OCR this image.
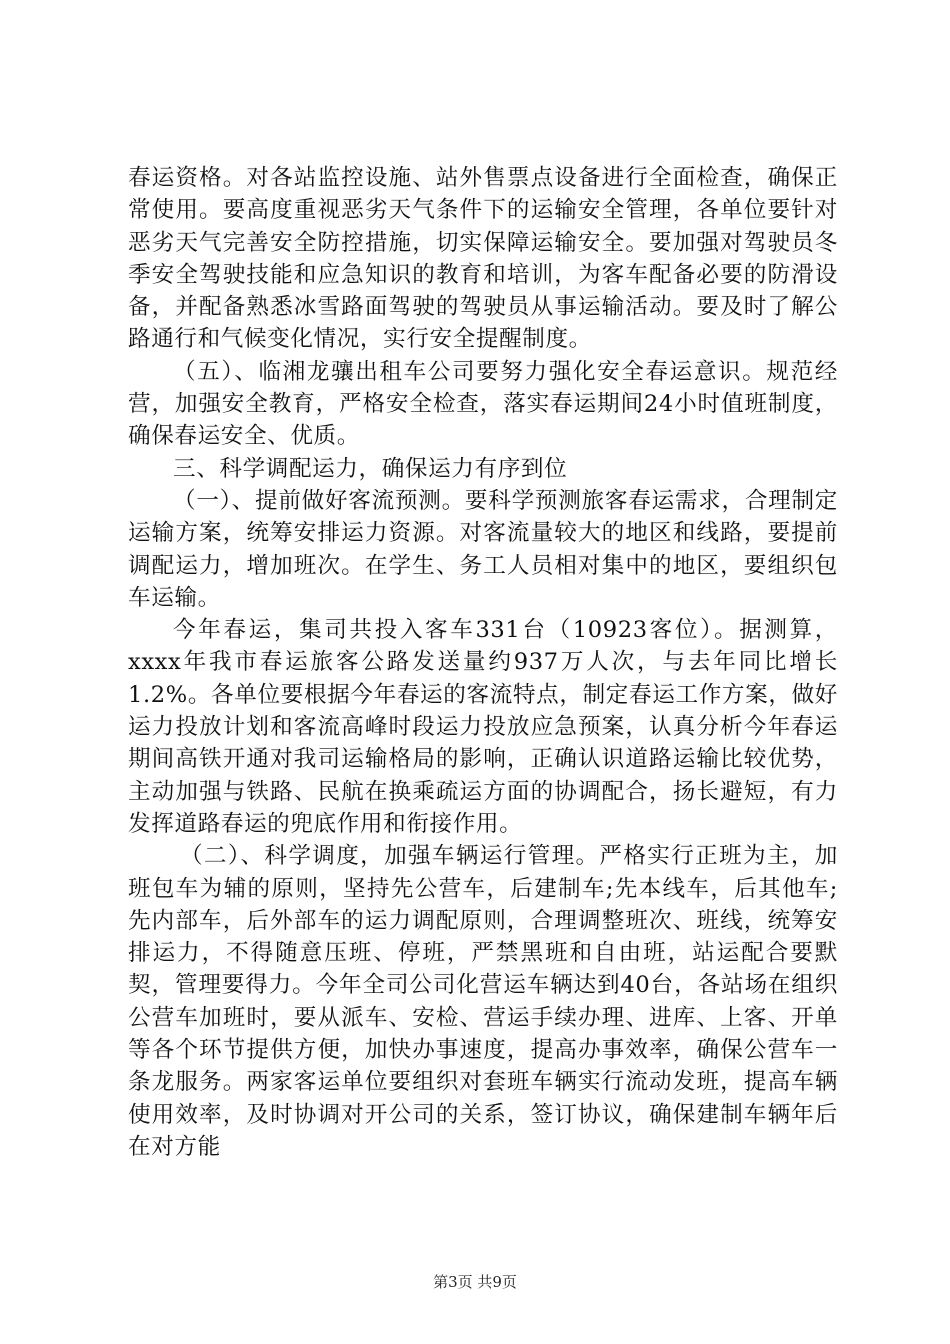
春运资格。对各站监控设施、站外售票点设备进行全面检查，确保正常使用。要高度重视恶劣天气条件下的运输安全管理，各单位要针对恶劣天气完善安全防控措施，切实保障运输安全。要加强对驾驶员冬季安全驾驶技能和应急知识的教育和培训，为客车配备必要的防滑设备，并配备熟悉冰雪路面驾驶的驾驶员从事运输活动。要及时了解公路通行和气候变化情况，实行安全提醒制度。

（五）、临湘龙骧出租车公司要努力强化安全春运意识。规范经营，加强安全教育，严格安全检查，落实春运期间24小时值班制度，确保春运安全、优质。

三、科学调配运力，确保运力有序到位

（一）、提前做好客流预测。要科学预测旅客春运需求，合理制定运输方案，统筹安排运力资源。对客流量较大的地区和线路，要提前调配运力，增加班次。在学生、务工人员相对集中的地区，要组织包车运输。

今年春运，集司共投入客车331台（10923客位）。据测算，xxxx年我市春运旅客公路发送量约937万人次，与去年同比增长1.2%。各单位要根据今年春运的客流特点，制定春运工作方案，做好运力投放计划和客流高峰时段运力投放应急预案，认真分析今年春运期间高铁开通对我司运输格局的影响，正确认识道路运输比较优势，主动加强与铁路、民航在换乘疏运方面的协调配合，扬长避短，有力发挥道路春运的兜底作用和衔接作用。

（二）、科学调度，加强车辆运行管理。严格实行正班为主，加班包车为辅的原则，坚持先公营车，后建制车;先本线车，后其他车;先内部车，后外部车的运力调配原则，合理调整班次、班线，统筹安排运力，不得随意压班、停班，严禁黑班和自由班，站运配合要默契，管理要得力。今年全司公司化营运车辆达到40台，各站场在组织公营车加班时，要从派车、安检、营运手续办理、进库、上客、开单等各个环节提供方便，加快办事速度，提高办事效率，确保公营车一条龙服务。两家客运单位要组织对套班车辆实行流动发班，提高车辆使用效率，及时协调对开公司的关系，签订协议，确保建制车辆年后在对方能

第3页 共9页
